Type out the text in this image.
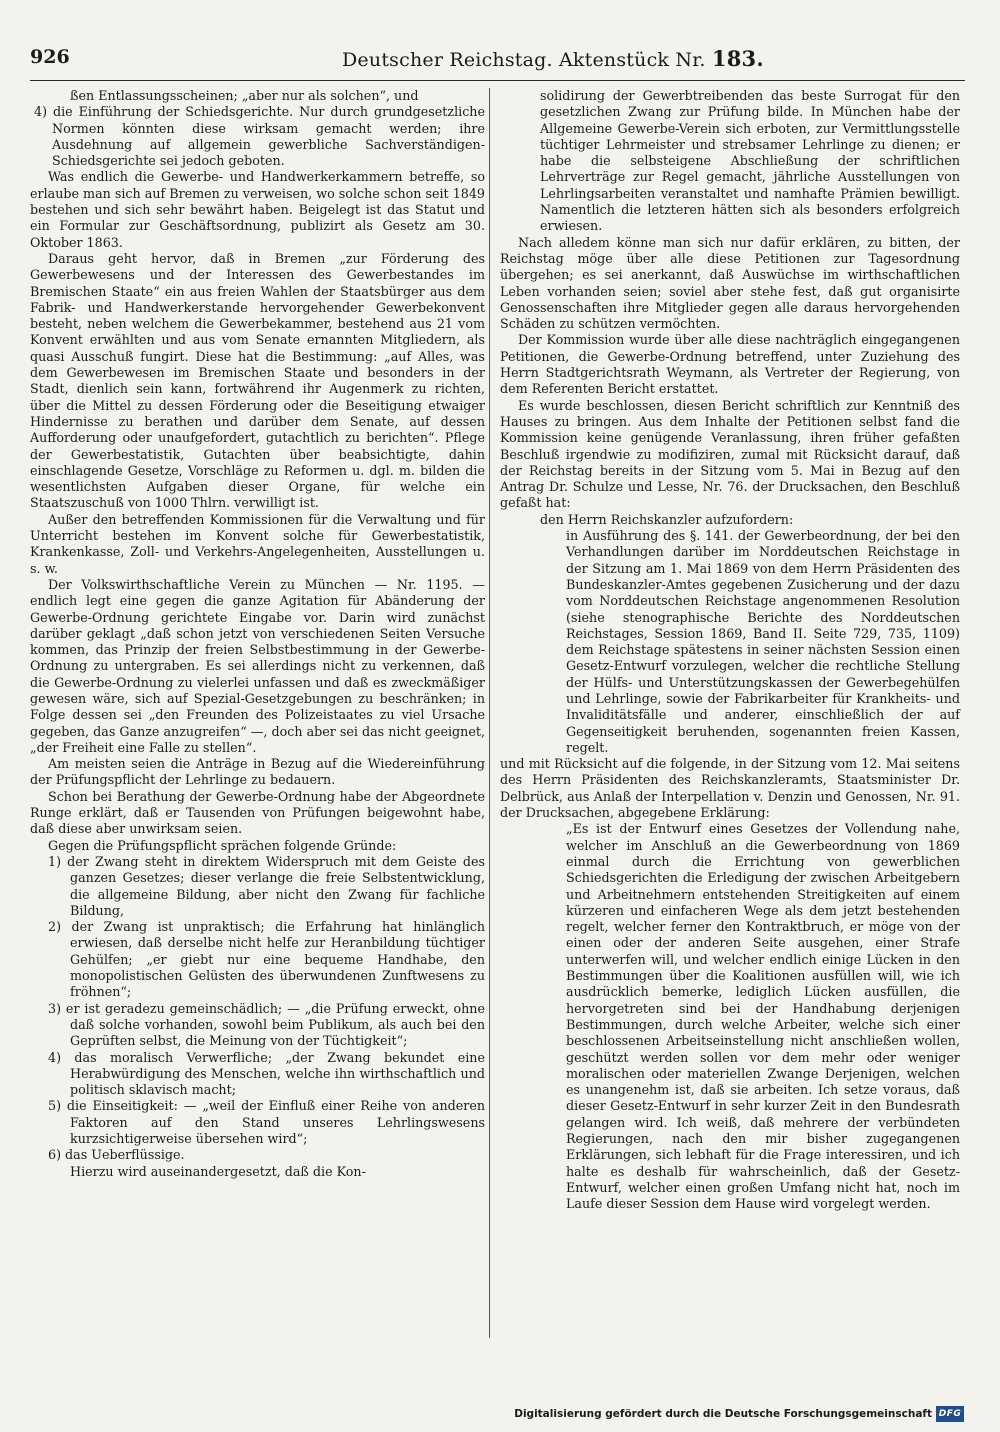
926	Deutscher Reichstag. Aktenstück Nr. 183.

ßen Entlassungsscheinen; „aber nur als solchen“, und

4) die Einführung der Schiedsgerichte. Nur durch grundgesetzliche Normen könnten diese wirksam gemacht werden; ihre Ausdehnung auf allgemein gewerbliche Sachverständigen-Schiedsgerichte sei jedoch geboten.

Was endlich die Gewerbe- und Handwerkerkammern betreffe, so erlaube man sich auf Bremen zu verweisen, wo solche schon seit 1849 bestehen und sich sehr bewährt haben. Beigelegt ist das Statut und ein Formular zur Geschäftsordnung, publizirt als Gesetz am 30. Oktober 1863.

Daraus geht hervor, daß in Bremen „zur Förderung des Gewerbewesens und der Interessen des Gewerbestandes im Bremischen Staate“ ein aus freien Wahlen der Staatsbürger aus dem Fabrik- und Handwerkerstande hervorgehender Gewerbekonvent besteht, neben welchem die Gewerbekammer, bestehend aus 21 vom Konvent erwählten und aus vom Senate ernannten Mitgliedern, als quasi Ausschuß fungirt. Diese hat die Bestimmung: „auf Alles, was dem Gewerbewesen im Bremischen Staate und besonders in der Stadt, dienlich sein kann, fortwährend ihr Augenmerk zu richten, über die Mittel zu dessen Förderung oder die Beseitigung etwaiger Hindernisse zu berathen und darüber dem Senate, auf dessen Aufforderung oder unaufgefordert, gutachtlich zu berichten“. Pflege der Gewerbestatistik, Gutachten über beabsichtigte, dahin einschlagende Gesetze, Vorschläge zu Reformen u. dgl. m. bilden die wesentlichsten Aufgaben dieser Organe, für welche ein Staatszuschuß von 1000 Thlrn. verwilligt ist.

Außer den betreffenden Kommissionen für die Verwaltung und für Unterricht bestehen im Konvent solche für Gewerbestatistik, Krankenkasse, Zoll- und Verkehrs-Angelegenheiten, Ausstellungen u. s. w.

Der Volkswirthschaftliche Verein zu München — Nr. 1195. — endlich legt eine gegen die ganze Agitation für Abänderung der Gewerbe-Ordnung gerichtete Eingabe vor. Darin wird zunächst darüber geklagt „daß schon jetzt von verschiedenen Seiten Versuche kommen, das Prinzip der freien Selbstbestimmung in der Gewerbe-Ordnung zu untergraben. Es sei allerdings nicht zu verkennen, daß die Gewerbe-Ordnung zu vielerlei unfassen und daß es zweckmäßiger gewesen wäre, sich auf Spezial-Gesetzgebungen zu beschränken; in Folge dessen sei „den Freunden des Polizeistaates zu viel Ursache gegeben, das Ganze anzugreifen“ —, doch aber sei das nicht geeignet, „der Freiheit eine Falle zu stellen“.

Am meisten seien die Anträge in Bezug auf die Wiedereinführung der Prüfungspflicht der Lehrlinge zu bedauern.

Schon bei Berathung der Gewerbe-Ordnung habe der Abgeordnete Runge erklärt, daß er Tausenden von Prüfungen beigewohnt habe, daß diese aber unwirksam seien.

Gegen die Prüfungspflicht sprächen folgende Gründe:

1) der Zwang steht in direktem Widerspruch mit dem Geiste des ganzen Gesetzes; dieser verlange die freie Selbstentwicklung, die allgemeine Bildung, aber nicht den Zwang für fachliche Bildung,

2) der Zwang ist unpraktisch; die Erfahrung hat hinlänglich erwiesen, daß derselbe nicht helfe zur Heranbildung tüchtiger Gehülfen; „er giebt nur eine bequeme Handhabe, den monopolistischen Gelüsten des überwundenen Zunftwesens zu fröhnen“;

3) er ist geradezu gemeinschädlich; — „die Prüfung erweckt, ohne daß solche vorhanden, sowohl beim Publikum, als auch bei den Geprüften selbst, die Meinung von der Tüchtigkeit“;

4) das moralisch Verwerfliche; „der Zwang bekundet eine Herabwürdigung des Menschen, welche ihn wirthschaftlich und politisch sklavisch macht;

5) die Einseitigkeit: — „weil der Einfluß einer Reihe von anderen Faktoren auf den Stand unseres Lehrlingswesens kurzsichtigerweise übersehen wird“;

6) das Ueberflüssige.

Hierzu wird auseinandergesetzt, daß die Kon-

solidirung der Gewerbtreibenden das beste Surrogat für den gesetzlichen Zwang zur Prüfung bilde. In München habe der Allgemeine Gewerbe-Verein sich erboten, zur Vermittlungsstelle tüchtiger Lehrmeister und strebsamer Lehrlinge zu dienen; er habe die selbsteigene Abschließung der schriftlichen Lehrverträge zur Regel gemacht, jährliche Ausstellungen von Lehrlingsarbeiten veranstaltet und namhafte Prämien bewilligt. Namentlich die letzteren hätten sich als besonders erfolgreich erwiesen.

Nach alledem könne man sich nur dafür erklären, zu bitten, der Reichstag möge über alle diese Petitionen zur Tagesordnung übergehen; es sei anerkannt, daß Auswüchse im wirthschaftlichen Leben vorhanden seien; soviel aber stehe fest, daß gut organisirte Genossenschaften ihre Mitglieder gegen alle daraus hervorgehenden Schäden zu schützen vermöchten.

Der Kommission wurde über alle diese nachträglich eingegangenen Petitionen, die Gewerbe-Ordnung betreffend, unter Zuziehung des Herrn Stadtgerichtsrath Weymann, als Vertreter der Regierung, von dem Referenten Bericht erstattet.

Es wurde beschlossen, diesen Bericht schriftlich zur Kenntniß des Hauses zu bringen. Aus dem Inhalte der Petitionen selbst fand die Kommission keine genügende Veranlassung, ihren früher gefaßten Beschluß irgendwie zu modifiziren, zumal mit Rücksicht darauf, daß der Reichstag bereits in der Sitzung vom 5. Mai in Bezug auf den Antrag Dr. Schulze und Lesse, Nr. 76. der Drucksachen, den Beschluß gefaßt hat:

den Herrn Reichskanzler aufzufordern:

in Ausführung des §. 141. der Gewerbeordnung, der bei den Verhandlungen darüber im Norddeutschen Reichstage in der Sitzung am 1. Mai 1869 von dem Herrn Präsidenten des Bundeskanzler-Amtes gegebenen Zusicherung und der dazu vom Norddeutschen Reichstage angenommenen Resolution (siehe stenographische Berichte des Norddeutschen Reichstages, Session 1869, Band II. Seite 729, 735, 1109) dem Reichstage spätestens in seiner nächsten Session einen Gesetz-Entwurf vorzulegen, welcher die rechtliche Stellung der Hülfs- und Unterstützungskassen der Gewerbegehülfen und Lehrlinge, sowie der Fabrikarbeiter für Krankheits- und Invaliditätsfälle und anderer, einschließlich der auf Gegenseitigkeit beruhenden, sogenannten freien Kassen, regelt.

und mit Rücksicht auf die folgende, in der Sitzung vom 12. Mai seitens des Herrn Präsidenten des Reichskanzleramts, Staatsminister Dr. Delbrück, aus Anlaß der Interpellation v. Denzin und Genossen, Nr. 91. der Drucksachen, abgegebene Erklärung:

„Es ist der Entwurf eines Gesetzes der Vollendung nahe, welcher im Anschluß an die Gewerbeordnung von 1869 einmal durch die Errichtung von gewerblichen Schiedsgerichten die Erledigung der zwischen Arbeitgebern und Arbeitnehmern entstehenden Streitigkeiten auf einem kürzeren und einfacheren Wege als dem jetzt bestehenden regelt, welcher ferner den Kontraktbruch, er möge von der einen oder der anderen Seite ausgehen, einer Strafe unterwerfen will, und welcher endlich einige Lücken in den Bestimmungen über die Koalitionen ausfüllen will, wie ich ausdrücklich bemerke, lediglich Lücken ausfüllen, die hervorgetreten sind bei der Handhabung derjenigen Bestimmungen, durch welche Arbeiter, welche sich einer beschlossenen Arbeitseinstellung nicht anschließen wollen, geschützt werden sollen vor dem mehr oder weniger moralischen oder materiellen Zwange Derjenigen, welchen es unangenehm ist, daß sie arbeiten. Ich setze voraus, daß dieser Gesetz-Entwurf in sehr kurzer Zeit in den Bundesrath gelangen wird. Ich weiß, daß mehrere der verbündeten Regierungen, nach den mir bisher zugegangenen Erklärungen, sich lebhaft für die Frage interessiren, und ich halte es deshalb für wahrscheinlich, daß der Gesetz-Entwurf, welcher einen großen Umfang nicht hat, noch im Laufe dieser Session dem Hause wird vorgelegt werden.

Digitalisierung gefördert durch die Deutsche Forschungsgemeinschaft DFG
